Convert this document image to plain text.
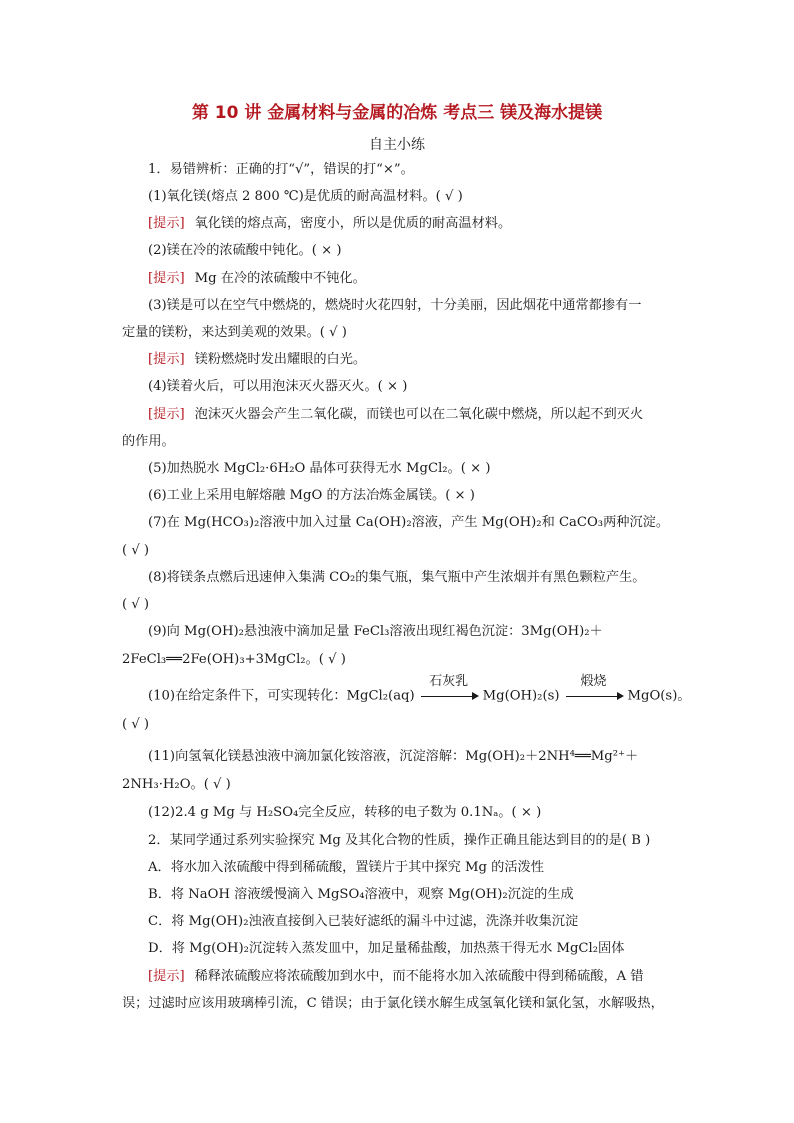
第 10 讲 金属材料与金属的冶炼 考点三 镁及海水提镁
自主小练
1．易错辨析：正确的打“√”，错误的打“×”。
(1)氧化镁(熔点 2 800 ℃)是优质的耐高温材料。( √ )
[提示] 氧化镁的熔点高，密度小，所以是优质的耐高温材料。
(2)镁在冷的浓硫酸中钝化。( × )
[提示] Mg 在冷的浓硫酸中不钝化。
(3)镁是可以在空气中燃烧的，燃烧时火花四射，十分美丽，因此烟花中通常都掺有一
定量的镁粉，来达到美观的效果。( √ )
[提示] 镁粉燃烧时发出耀眼的白光。
(4)镁着火后，可以用泡沫灭火器灭火。( × )
[提示] 泡沫灭火器会产生二氧化碳，而镁也可以在二氧化碳中燃烧，所以起不到灭火
的作用。
(5)加热脱水 MgCl₂·6H₂O 晶体可获得无水 MgCl₂。( × )
(6)工业上采用电解熔融 MgO 的方法冶炼金属镁。( × )
(7)在 Mg(HCO₃)₂溶液中加入过量 Ca(OH)₂溶液，产生 Mg(OH)₂和 CaCO₃两种沉淀。
( √ )
(8)将镁条点燃后迅速伸入集满 CO₂的集气瓶，集气瓶中产生浓烟并有黑色颗粒产生。
( √ )
(9)向 Mg(OH)₂悬浊液中滴加足量 FeCl₃溶液出现红褐色沉淀：3Mg(OH)₂＋
2FeCl₃══2Fe(OH)₃+3MgCl₂。( √ )
(10)在给定条件下，可实现转化：MgCl₂(aq)
石灰乳
Mg(OH)₂(s)
煅烧
MgO(s)。
( √ )
(11)向氢氧化镁悬浊液中滴加氯化铵溶液，沉淀溶解：Mg(OH)₂＋2NH⁴══Mg²⁺＋
2NH₃·H₂O。( √ )
(12)2.4 g Mg 与 H₂SO₄完全反应，转移的电子数为 0.1Nₐ。( × )
2．某同学通过系列实验探究 Mg 及其化合物的性质，操作正确且能达到目的的是( B )
A．将水加入浓硫酸中得到稀硫酸，置镁片于其中探究 Mg 的活泼性
B．将 NaOH 溶液缓慢滴入 MgSO₄溶液中，观察 Mg(OH)₂沉淀的生成
C．将 Mg(OH)₂浊液直接倒入已装好滤纸的漏斗中过滤，洗涤并收集沉淀
D．将 Mg(OH)₂沉淀转入蒸发皿中，加足量稀盐酸，加热蒸干得无水 MgCl₂固体
[提示] 稀释浓硫酸应将浓硫酸加到水中，而不能将水加入浓硫酸中得到稀硫酸，A 错
误；过滤时应该用玻璃棒引流，C 错误；由于氯化镁水解生成氢氧化镁和氯化氢，水解吸热，
